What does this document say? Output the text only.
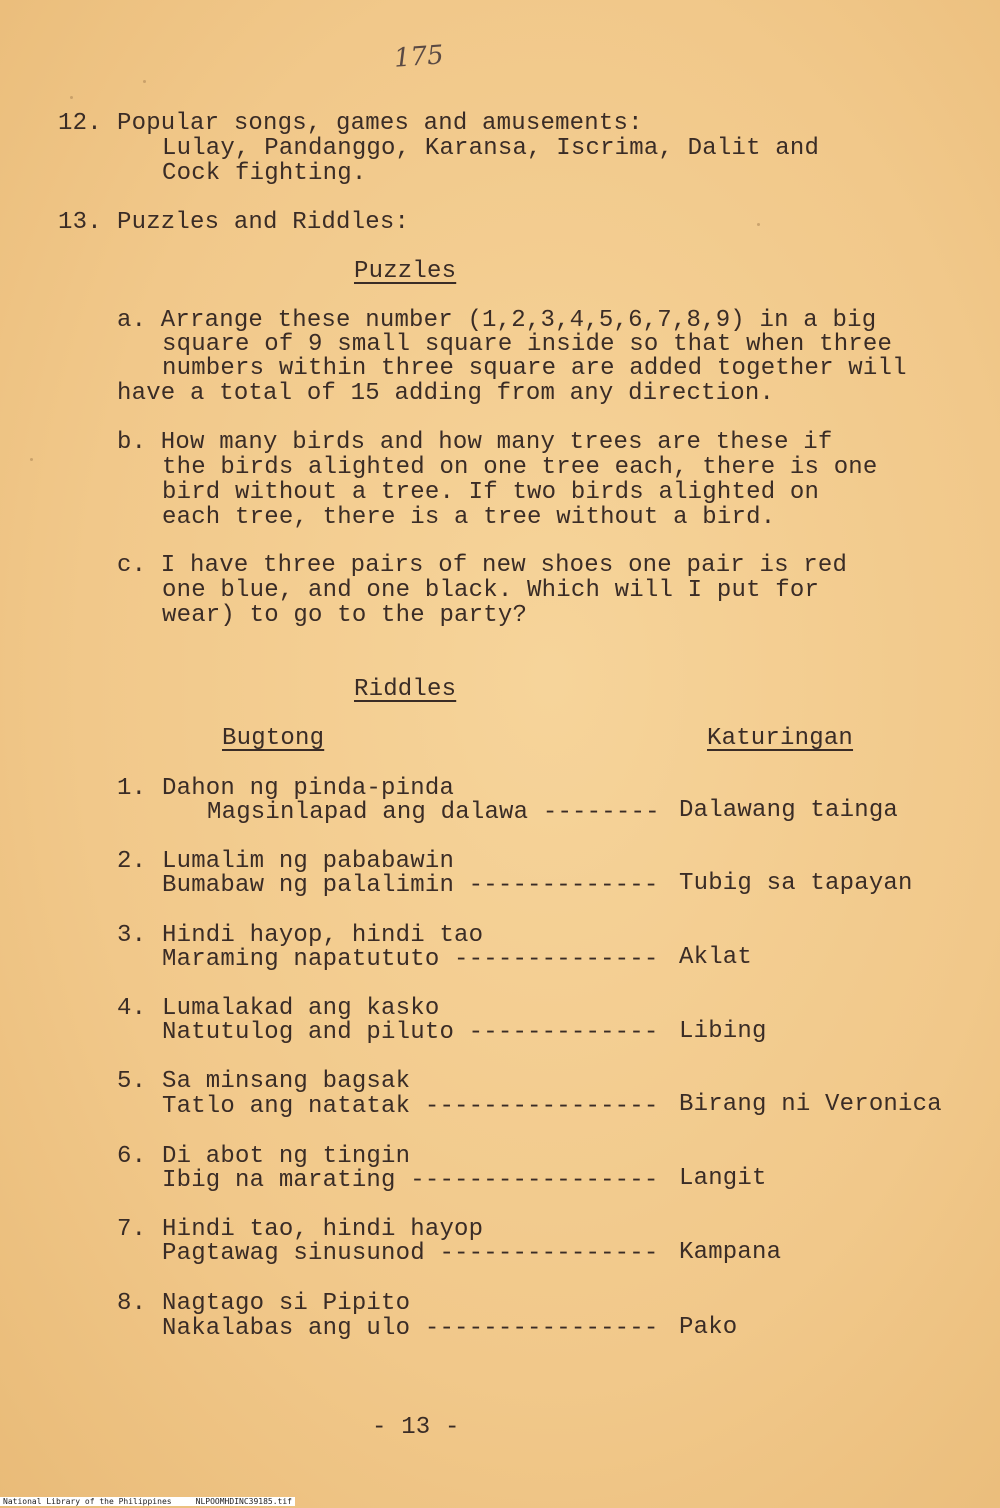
175
12. Popular songs, games and amusements:
Lulay, Pandanggo, Karansa, Iscrima, Dalit and
Cock fighting.
13. Puzzles and Riddles:
Puzzles
a. Arrange these number (1,2,3,4,5,6,7,8,9) in a big
square of 9 small square inside so that when three
numbers within three square are added together will
have a total of 15 adding from any direction.
b. How many birds and how many trees are these if
the birds alighted on one tree each, there is one
bird without a tree. If two birds alighted on
each tree, there is a tree without a bird.
c. I have three pairs of new shoes one pair is red
one blue, and one black. Which will I put for
wear) to go to the party?
Riddles
Bugtong	Katuringan
1. Dahon ng pinda-pinda
Magsinlapad ang dalawa -------- Dalawang tainga
2. Lumalim ng pababawin
Bumabaw ng palalimin ------------- Tubig sa tapayan
3. Hindi hayop, hindi tao
Maraming napatututo -------------- Aklat
4. Lumalakad ang kasko
Natutulog and piluto ------------- Libing
5. Sa minsang bagsak
Tatlo ang natatak ---------------- Birang ni Veronica
6. Di abot ng tingin
Ibig na marating ----------------- Langit
7. Hindi tao, hindi hayop
Pagtawag sinusunod --------------- Kampana
8. Nagtago si Pipito
Nakalabas ang ulo ---------------- Pako
- 13 -
National Library of the Philippines     NLPOOMHDINC39185.tif
